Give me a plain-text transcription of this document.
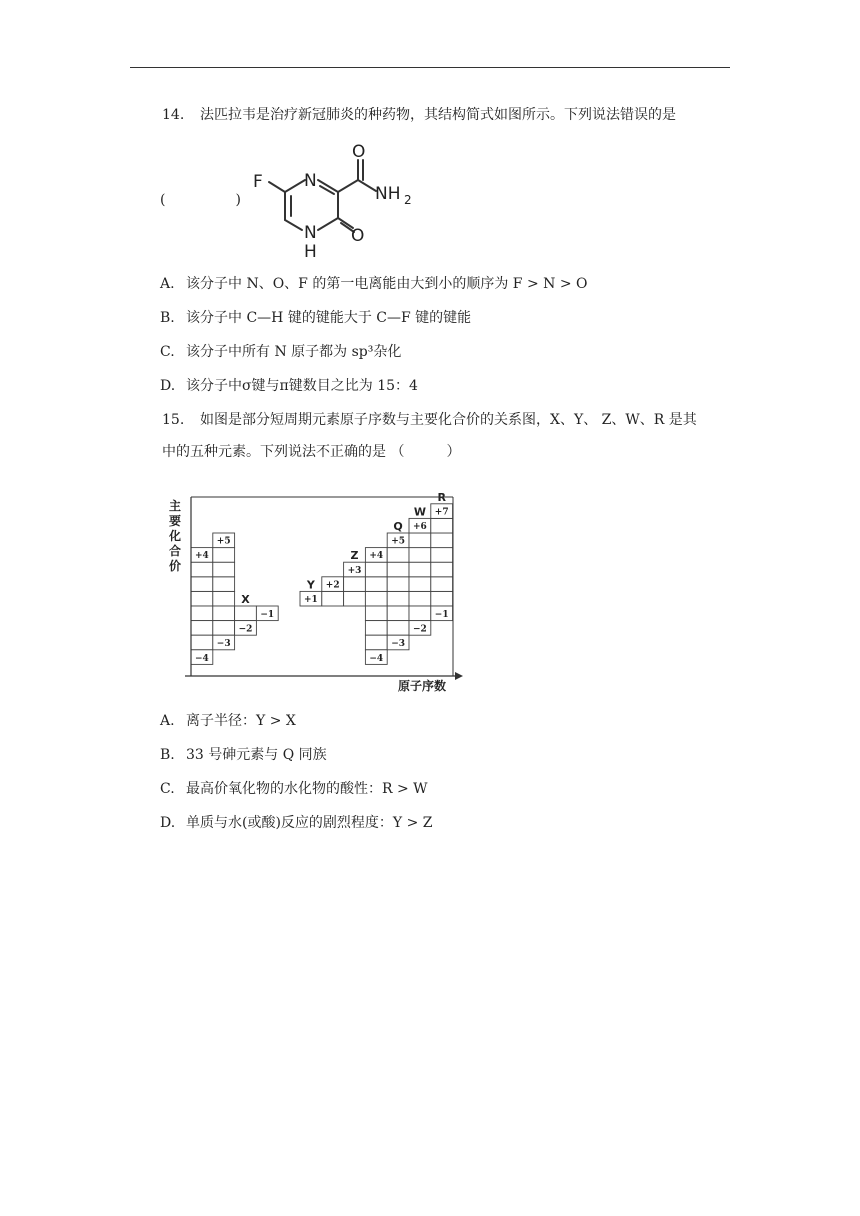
14. 法匹拉韦是治疗新冠肺炎的种药物，其结构简式如图所示。下列说法错误的是
(　　　　　)
F N
O
NH 2
N
H
O
A. 该分子中 N、O、F 的第一电离能由大到小的顺序为 F > N > O
B. 该分子中 C—H 键的键能大于 C—F 键的键能
C. 该分子中所有 N 原子都为 sp³杂化
D. 该分子中σ键与π键数目之比为 15：4
15. 如图是部分短周期元素原子序数与主要化合价的关系图，X、Y、 Z、W、R 是其
中的五种元素。下列说法不正确的是 （　　　）
主
要
化
合
价
+4
−4
+5
−3
−2
X
−1
+1
Y +2
+3
Z +4
−4
+5
−3
Q +6
−2
W +7
−1
R
原子序数
A. 离子半径：Y > X
B. 33 号砷元素与 Q 同族
C. 最高价氧化物的水化物的酸性：R > W
D. 单质与水(或酸)反应的剧烈程度：Y > Z
